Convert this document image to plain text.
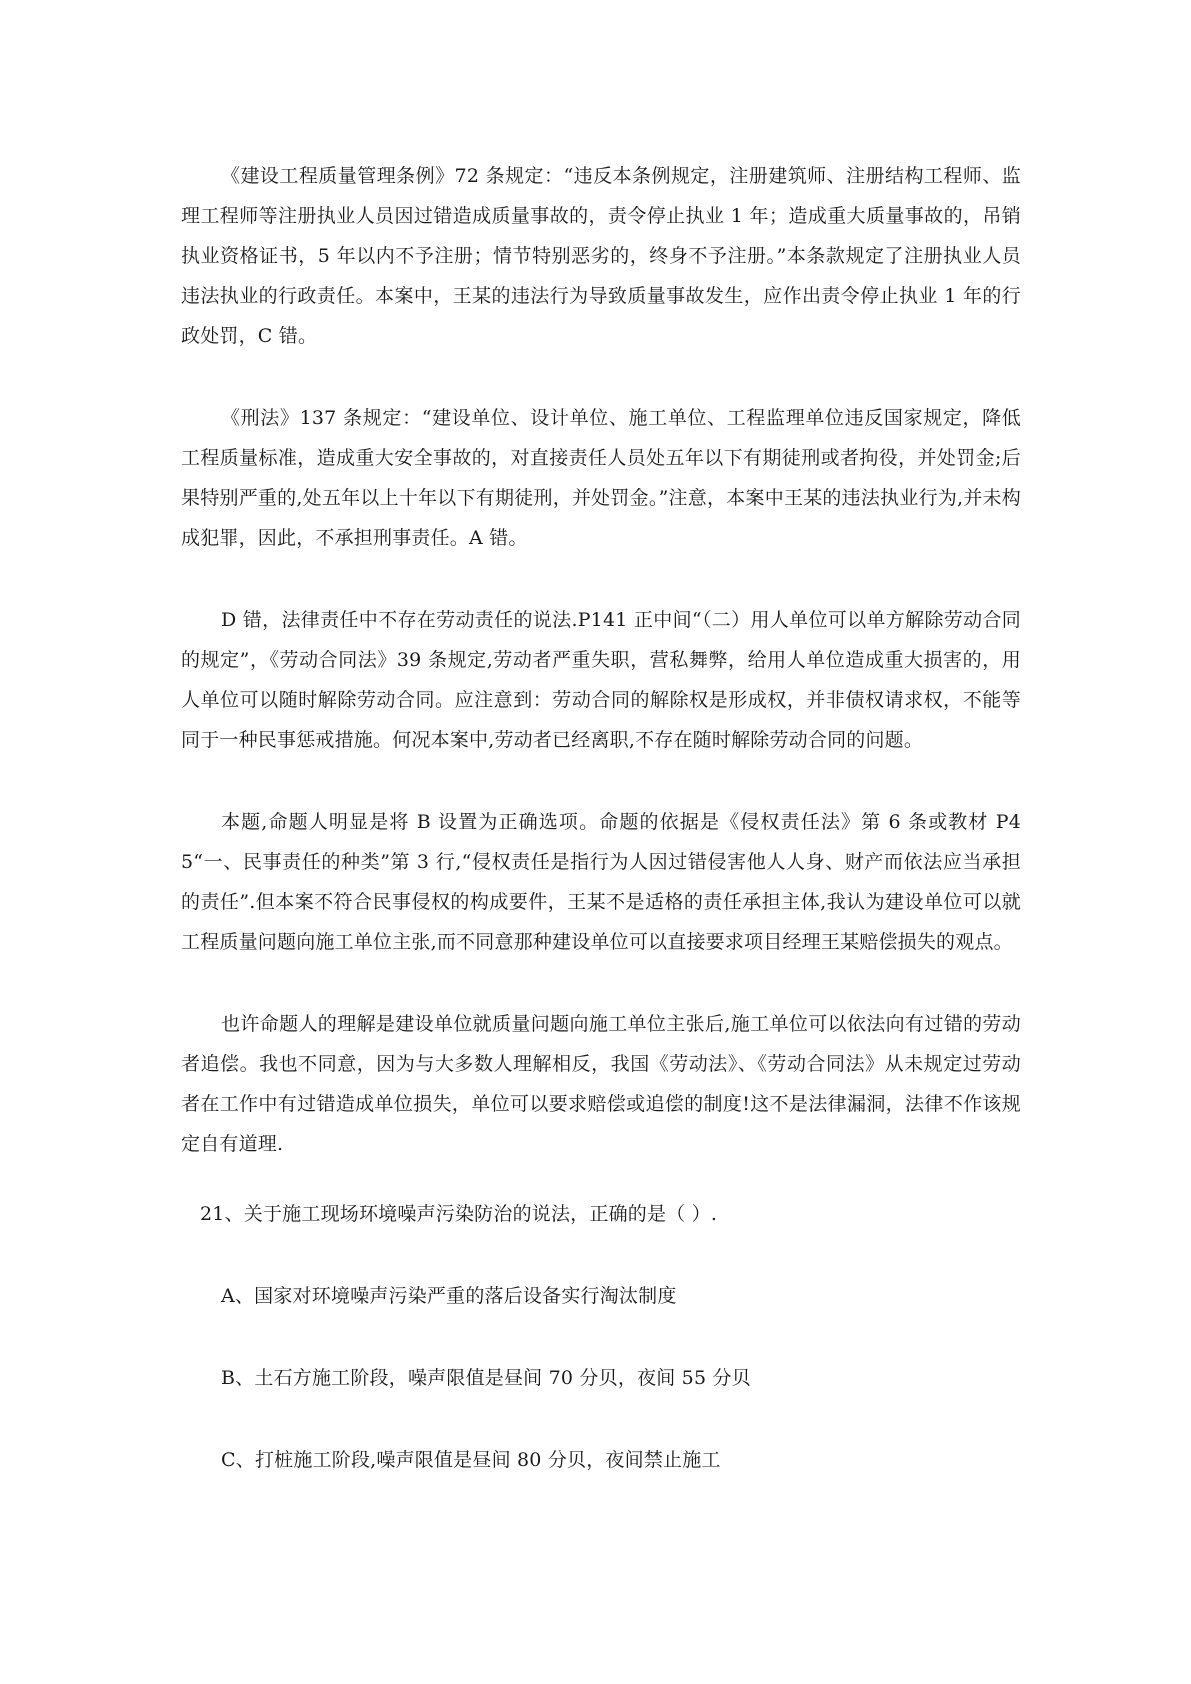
《建设工程质量管理条例》72 条规定：“违反本条例规定，注册建筑师、注册结构工程师、监理工程师等注册执业人员因过错造成质量事故的，责令停止执业 1 年；造成重大质量事故的，吊销执业资格证书，5 年以内不予注册；情节特别恶劣的，终身不予注册。”本条款规定了注册执业人员违法执业的行政责任。本案中，王某的违法行为导致质量事故发生，应作出责令停止执业 1 年的行政处罚，C 错。

《刑法》137 条规定：“建设单位、设计单位、施工单位、工程监理单位违反国家规定，降低工程质量标准，造成重大安全事故的，对直接责任人员处五年以下有期徒刑或者拘役，并处罚金;后果特别严重的,处五年以上十年以下有期徒刑，并处罚金。”注意，本案中王某的违法执业行为,并未构成犯罪，因此，不承担刑事责任。A 错。

D 错，法律责任中不存在劳动责任的说法.P141 正中间“（二）用人单位可以单方解除劳动合同的规定”，《劳动合同法》39 条规定,劳动者严重失职，营私舞弊，给用人单位造成重大损害的，用人单位可以随时解除劳动合同。应注意到：劳动合同的解除权是形成权，并非债权请求权，不能等同于一种民事惩戒措施。何况本案中,劳动者已经离职,不存在随时解除劳动合同的问题。

本题,命题人明显是将 B 设置为正确选项。命题的依据是《侵权责任法》第 6 条或教材 P45“一、民事责任的种类”第 3 行,“侵权责任是指行为人因过错侵害他人人身、财产而依法应当承担的责任”.但本案不符合民事侵权的构成要件，王某不是适格的责任承担主体,我认为建设单位可以就工程质量问题向施工单位主张,而不同意那种建设单位可以直接要求项目经理王某赔偿损失的观点。

也许命题人的理解是建设单位就质量问题向施工单位主张后,施工单位可以依法向有过错的劳动者追偿。我也不同意，因为与大多数人理解相反，我国《劳动法》、《劳动合同法》从未规定过劳动者在工作中有过错造成单位损失，单位可以要求赔偿或追偿的制度!这不是法律漏洞，法律不作该规定自有道理.

21、关于施工现场环境噪声污染防治的说法，正确的是（ ）.

A、国家对环境噪声污染严重的落后设备实行淘汰制度

B、土石方施工阶段，噪声限值是昼间 70 分贝，夜间 55 分贝

C、打桩施工阶段,噪声限值是昼间 80 分贝，夜间禁止施工
